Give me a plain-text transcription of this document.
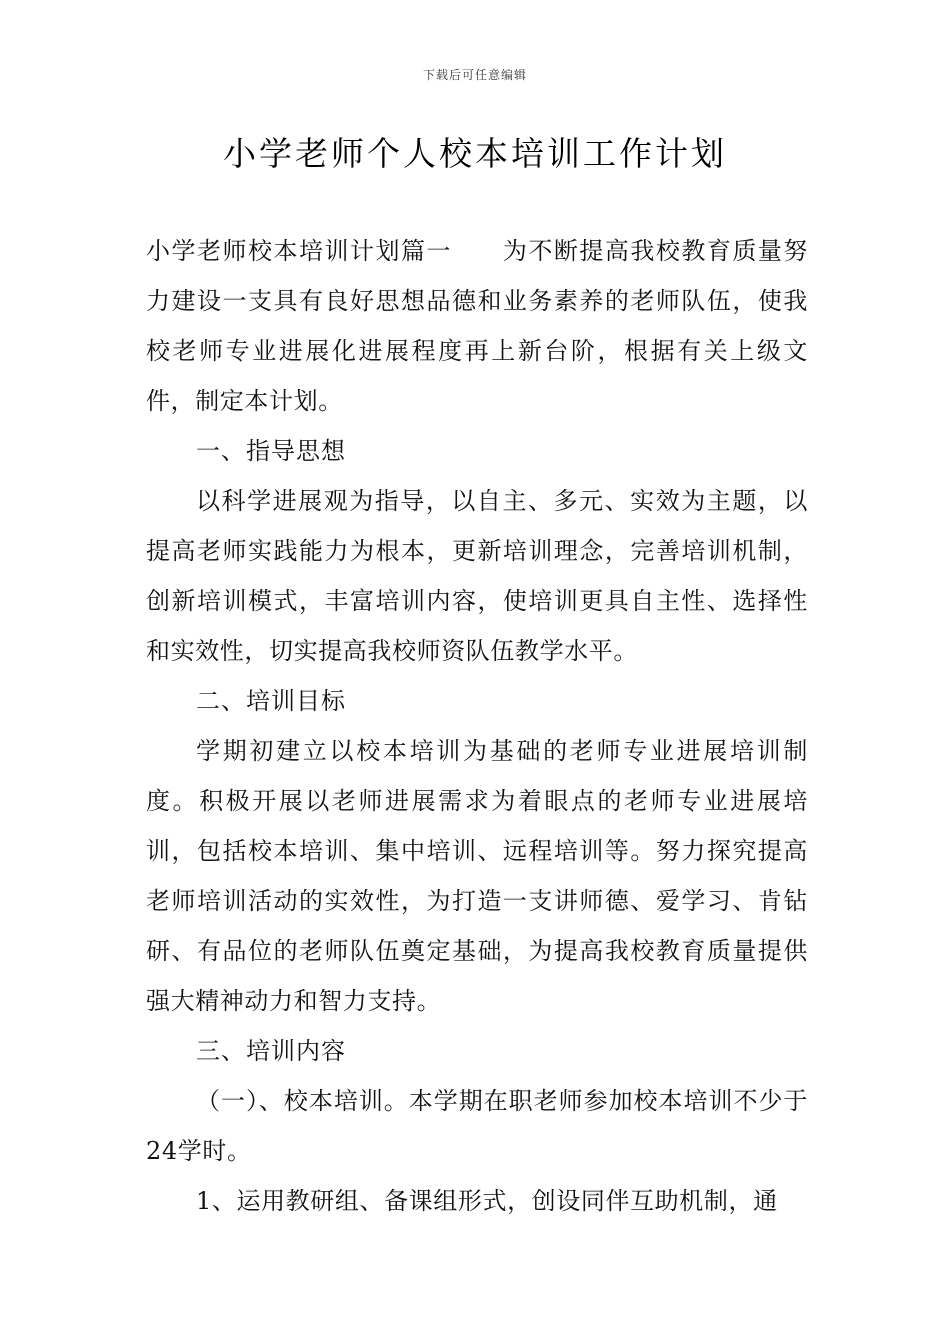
下载后可任意编辑
小学老师个人校本培训工作计划

小学老师校本培训计划篇一　　为不断提高我校教育质量努力建设一支具有良好思想品德和业务素养的老师队伍，使我校老师专业进展化进展程度再上新台阶，根据有关上级文件，制定本计划。

一、指导思想

以科学进展观为指导，以自主、多元、实效为主题，以提高老师实践能力为根本，更新培训理念，完善培训机制，创新培训模式，丰富培训内容，使培训更具自主性、选择性和实效性，切实提高我校师资队伍教学水平。

二、培训目标

学期初建立以校本培训为基础的老师专业进展培训制度。积极开展以老师进展需求为着眼点的老师专业进展培训，包括校本培训、集中培训、远程培训等。努力探究提高老师培训活动的实效性，为打造一支讲师德、爱学习、肯钻研、有品位的老师队伍奠定基础，为提高我校教育质量提供强大精神动力和智力支持。

三、培训内容

（一）、校本培训。本学期在职老师参加校本培训不少于24学时。

1、运用教研组、备课组形式，创设同伴互助机制，通
